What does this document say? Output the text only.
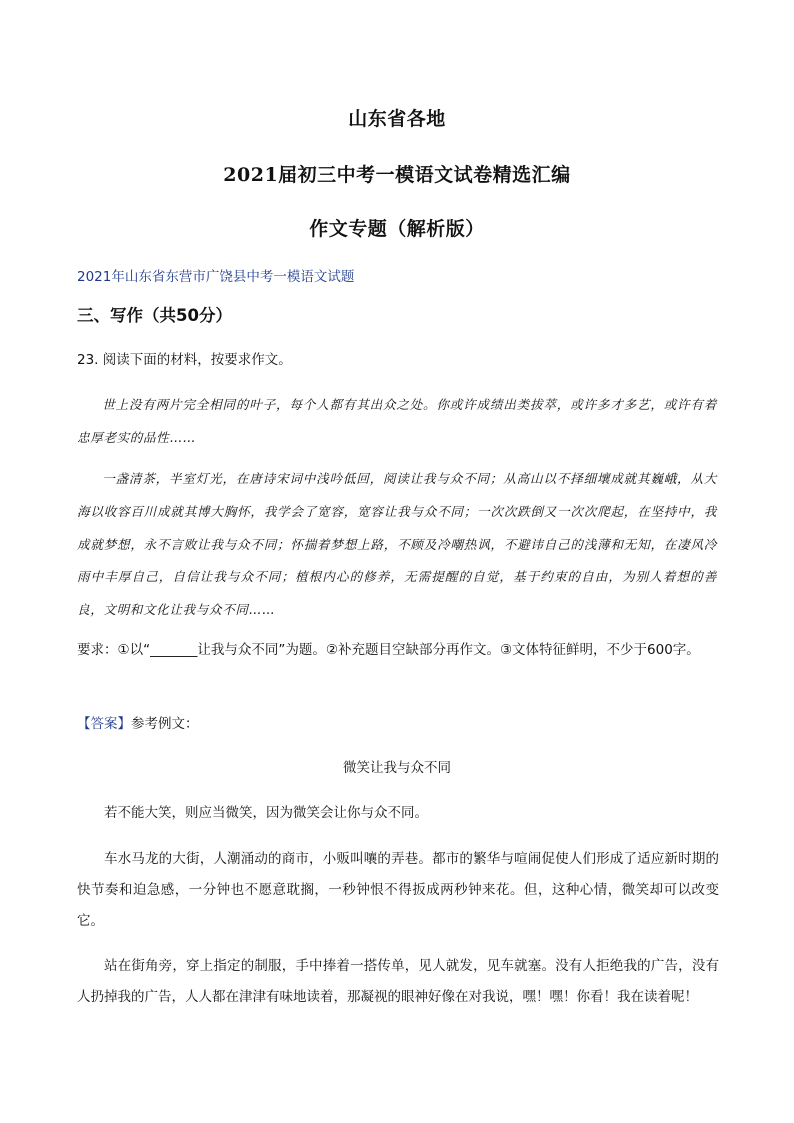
山东省各地
2021届初三中考一模语文试卷精选汇编
作文专题（解析版）
2021年山东省东营市广饶县中考一模语文试题
三、写作（共50分）
23. 阅读下面的材料，按要求作文。
世上没有两片完全相同的叶子，每个人都有其出众之处。你或许成绩出类拔萃，或许多才多艺，或许有着忠厚老实的品性……
一盏清茶，半室灯光，在唐诗宋词中浅吟低回，阅读让我与众不同；从高山以不择细壤成就其巍峨，从大海以收容百川成就其博大胸怀，我学会了宽容，宽容让我与众不同；一次次跌倒又一次次爬起，在坚持中，我成就梦想，永不言败让我与众不同；怀揣着梦想上路，不顾及冷嘲热讽，不避讳自己的浅薄和无知，在凄风冷雨中丰厚自己，自信让我与众不同；植根内心的修养，无需提醒的自觉，基于约束的自由，为别人着想的善良，文明和文化让我与众不同……
要求：①以“_______让我与众不同”为题。②补充题目空缺部分再作文。③文体特征鲜明，不少于600字。
【答案】参考例文：
微笑让我与众不同
若不能大笑，则应当微笑，因为微笑会让你与众不同。
车水马龙的大街，人潮涌动的商市，小贩叫嚷的弄巷。都市的繁华与喧闹促使人们形成了适应新时期的快节奏和迫急感，一分钟也不愿意耽搁，一秒钟恨不得扳成两秒钟来花。但，这种心情，微笑却可以改变它。
站在街角旁，穿上指定的制服，手中捧着一搭传单，见人就发，见车就塞。没有人拒绝我的广告，没有人扔掉我的广告，人人都在津津有味地读着，那凝视的眼神好像在对我说，嘿！嘿！你看！我在读着呢！
